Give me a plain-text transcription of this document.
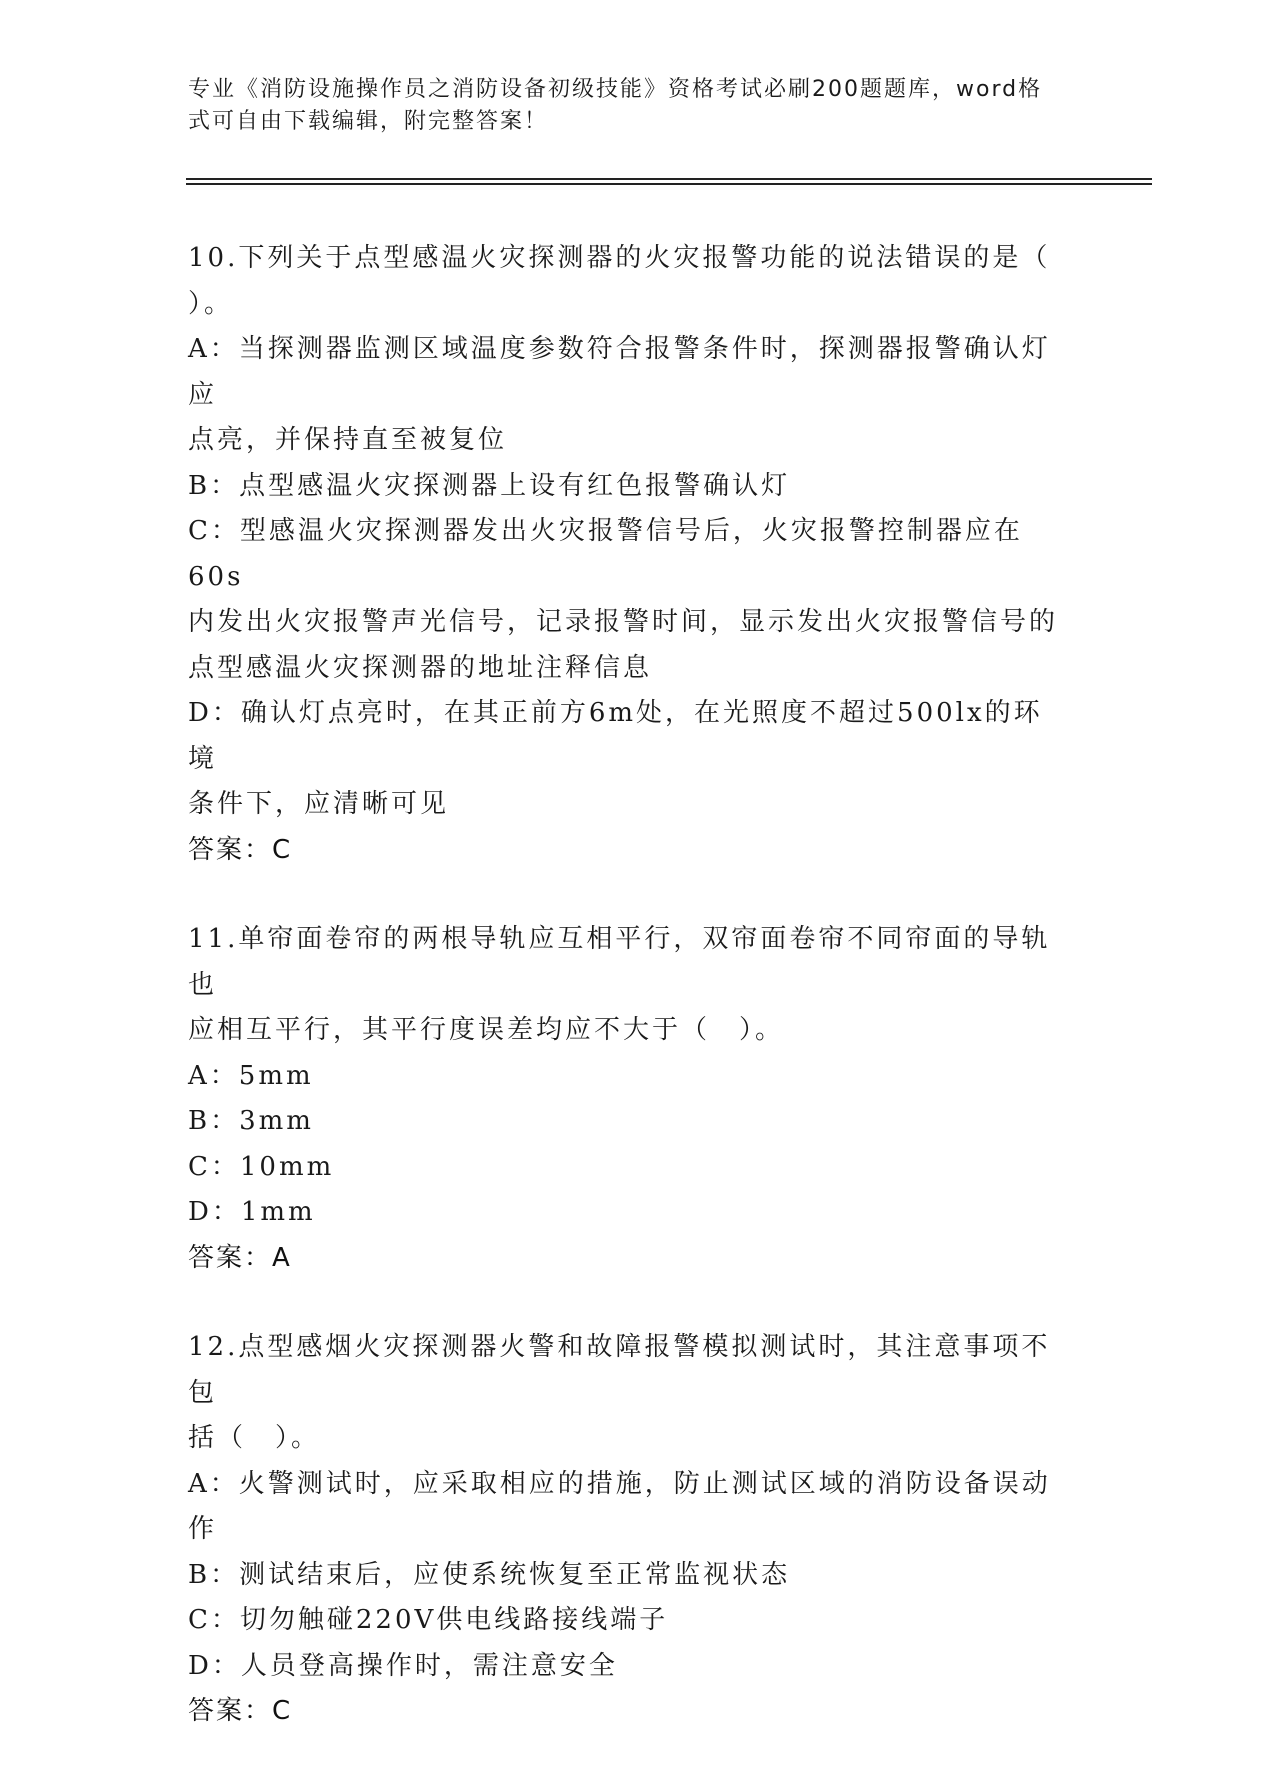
专业《消防设施操作员之消防设备初级技能》资格考试必刷200题题库，word格
式可自由下载编辑，附完整答案！
10.下列关于点型感温火灾探测器的火灾报警功能的说法错误的是（
）。
A：当探测器监测区域温度参数符合报警条件时，探测器报警确认灯应
点亮，并保持直至被复位
B：点型感温火灾探测器上设有红色报警确认灯
C：型感温火灾探测器发出火灾报警信号后，火灾报警控制器应在60s
内发出火灾报警声光信号，记录报警时间，显示发出火灾报警信号的
点型感温火灾探测器的地址注释信息
D：确认灯点亮时，在其正前方6m处，在光照度不超过500lx的环境
条件下，应清晰可见
答案：C
11.单帘面卷帘的两根导轨应互相平行，双帘面卷帘不同帘面的导轨也
应相互平行，其平行度误差均应不大于（　）。
A：5mm
B：3mm
C：10mm
D：1mm
答案：A
12.点型感烟火灾探测器火警和故障报警模拟测试时，其注意事项不包
括（　）。
A：火警测试时，应采取相应的措施，防止测试区域的消防设备误动作
B：测试结束后，应使系统恢复至正常监视状态
C：切勿触碰220V供电线路接线端子
D：人员登高操作时，需注意安全
答案：C
